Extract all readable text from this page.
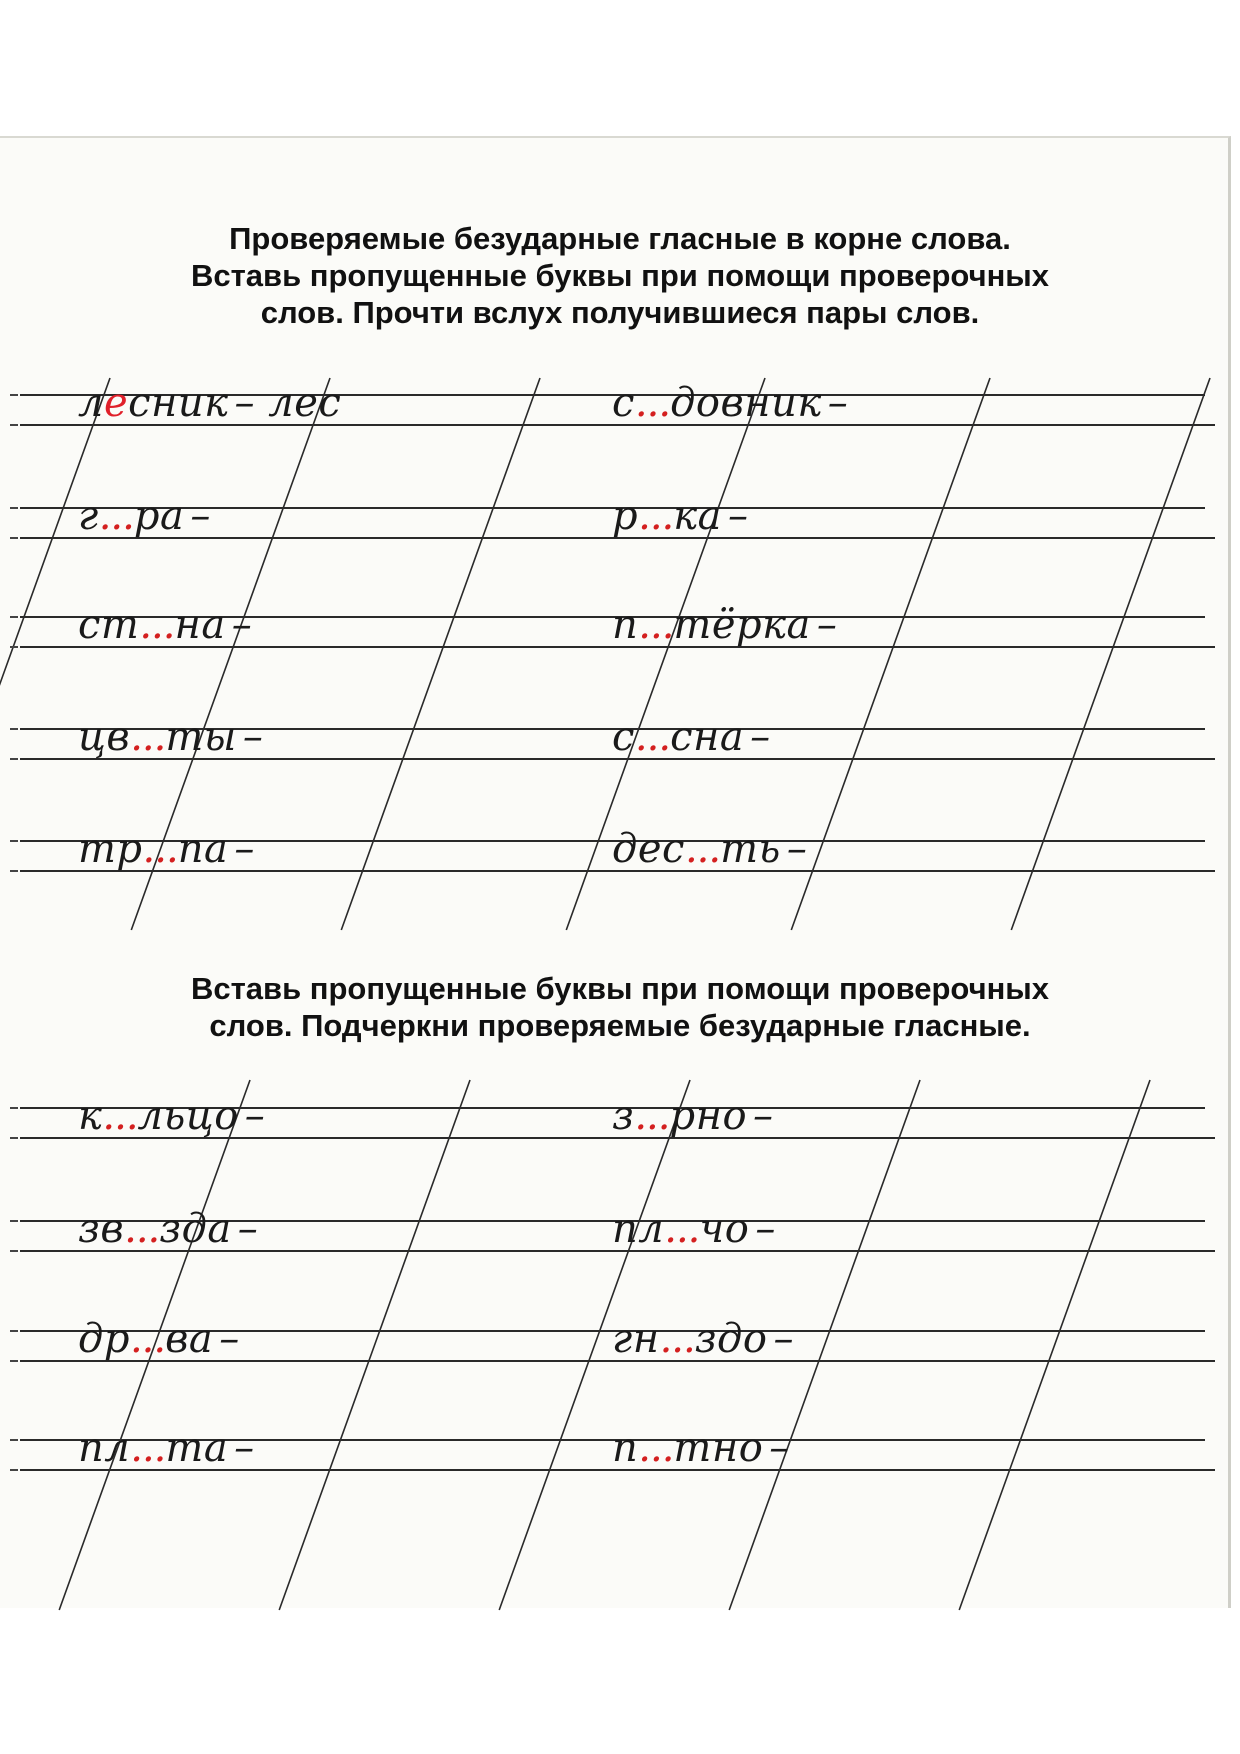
Проверяемые безударные гласные в корне слова.
Вставь пропущенные буквы при помощи проверочных
слов. Прочти вслух получившиеся пары слов.
Вставь пропущенные буквы при помощи проверочных
слов. Подчеркни проверяемые безударные гласные.
лесник – лес	с...довник –
г...ра –	р...ка –
ст...на –	п...тёрка –
цв...ты –	с...сна –
тр...па –	дес...ть –
к...льцо –	з...рно –
зв...зда –	пл...чо –
др...ва –	гн...здо –
пл...та –	п...тно –
